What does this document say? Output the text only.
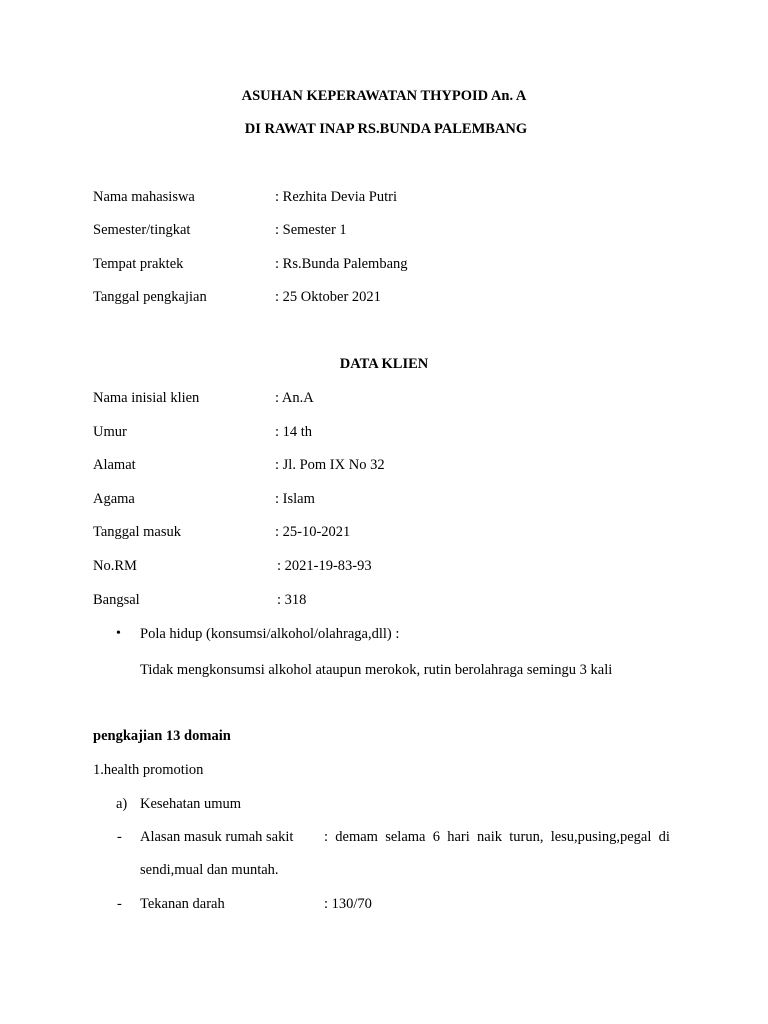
ASUHAN KEPERAWATAN THYPOID An. A
DI RAWAT INAP RS.BUNDA PALEMBANG
Nama mahasiswa	: Rezhita Devia Putri
Semester/tingkat	: Semester 1
Tempat praktek	: Rs.Bunda Palembang
Tanggal pengkajian	: 25 Oktober 2021
DATA KLIEN
Nama inisial klien	: An.A
Umur	: 14 th
Alamat	: Jl. Pom IX No 32
Agama	: Islam
Tanggal masuk	: 25-10-2021
No.RM	: 2021-19-83-93
Bangsal	: 318
• Pola hidup (konsumsi/alkohol/olahraga,dll) :
Tidak mengkonsumsi alkohol ataupun merokok, rutin berolahraga semingu 3 kali
pengkajian 13 domain
1.health promotion
a) Kesehatan umum
- Alasan masuk rumah sakit :  demam  selama  6  hari  naik  turun,  lesu,pusing,pegal  di
sendi,mual dan muntah.
- Tekanan darah	: 130/70
